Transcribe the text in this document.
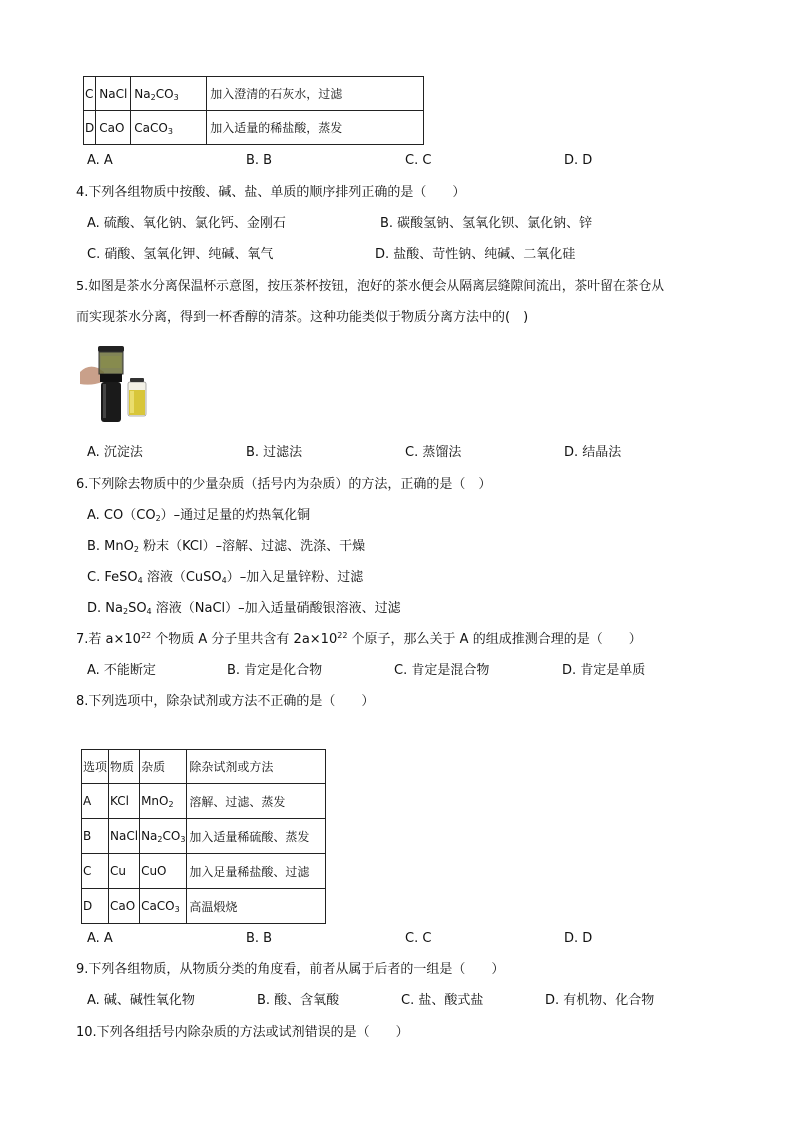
C	NaCl	$Na_2CO_3$	加入澄清的石灰水，过滤
D	CaO	CaCO$_3$	加入适量的稀盐酸，蒸发
A. A	B. B	C. C	D. D
4.下列各组物质中按酸、碱、盐、单质的顺序排列正确的是（　　）
A. 硫酸、氧化钠、氯化钙、金刚石	B. 碳酸氢钠、氢氧化钡、氯化钠、锌
C. 硝酸、氢氧化钾、纯碱、氧气	D. 盐酸、苛性钠、纯碱、二氧化硅
5.如图是茶水分离保温杯示意图，按压茶杯按钮，泡好的茶水便会从隔离层缝隙间流出，茶叶留在茶仓从
而实现茶水分离，得到一杯香醇的清茶。这种功能类似于物质分离方法中的(　)
A. 沉淀法	B. 过滤法	C. 蒸馏法	D. 结晶法
6.下列除去物质中的少量杂质（括号内为杂质）的方法，正确的是（　）
A. $CO(CO_2)-$通过足量的灼热氧化铜
B. MnO$_2$ 粉末（KCl）–溶解、过滤、洗涤、干燥
C. FeSO$_4$ 溶液（CuSO$_4$）–加入足量锌粉、过滤
D. $Na_2SO_4$ 溶液（NaCl）–加入适量硝酸银溶液、过滤
7.若 $a\times 10^{22}$ 个物质 A 分子里共含有 $2a\times 10^{22}$ 个原子，那么关于 A 的组成推测合理的是（　　）
A. 不能断定	B. 肯定是化合物	C. 肯定是混合物	D. 肯定是单质
8.下列选项中，除杂试剂或方法不正确的是（　　）
选项	物质	杂质	除杂试剂或方法
A	KCl	MnO$_2$	溶解、过滤、蒸发
B	NaCl	$Na_2CO_3$	加入适量稀硫酸、蒸发
C	Cu	CuO	加入足量稀盐酸、过滤
D	CaO	CaCO$_3$	高温煅烧
A. A	B. B	C. C	D. D
9.下列各组物质，从物质分类的角度看，前者从属于后者的一组是（　　）
A. 碱、碱性氧化物	B. 酸、含氧酸	C. 盐、酸式盐	D. 有机物、化合物
10.下列各组括号内除杂质的方法或试剂错误的是（　　）
